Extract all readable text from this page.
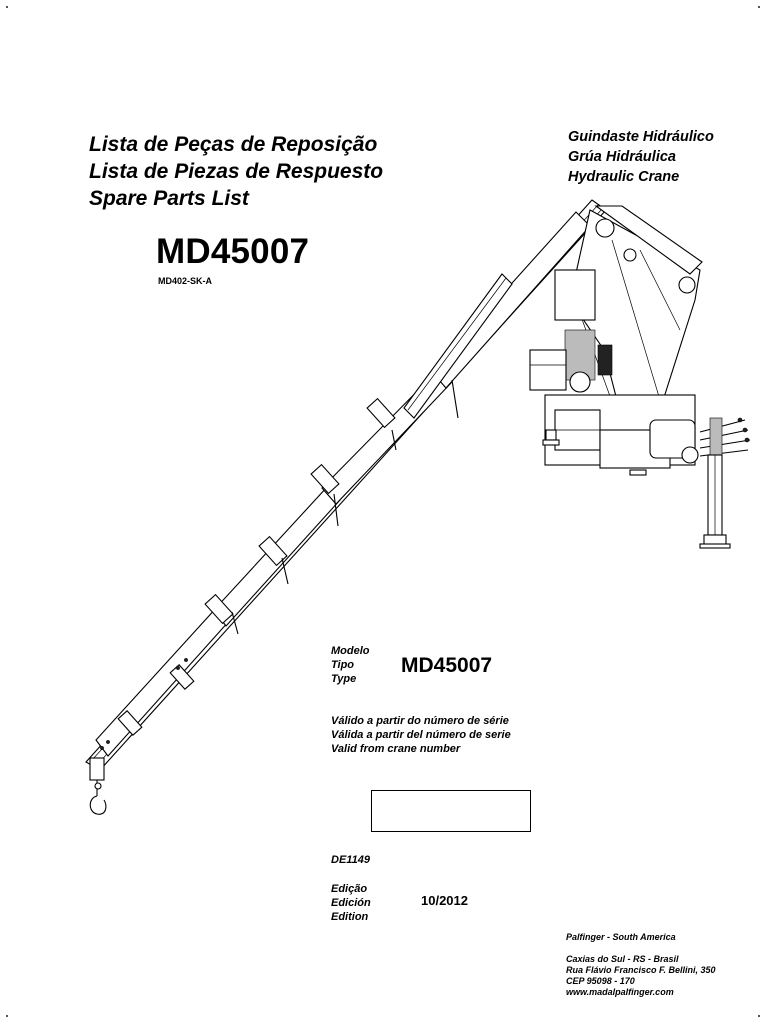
Lista de Peças de Reposição
Lista de Piezas de Respuesto
Spare Parts List
Guindaste Hidráulico
Grúa Hidráulica
Hydraulic Crane
MD45007
MD402-SK-A
Modelo
Tipo
Type
MD45007
Válido a partir do número de série
Válida a partir del número de serie
Valid from crane number
DE1149
Edição
Edición
Edition
10/2012
Palfinger - South America
Caxias do Sul - RS - Brasil
Rua Flávio Francisco F. Bellini, 350
CEP 95098 - 170
www.madalpalfinger.com
